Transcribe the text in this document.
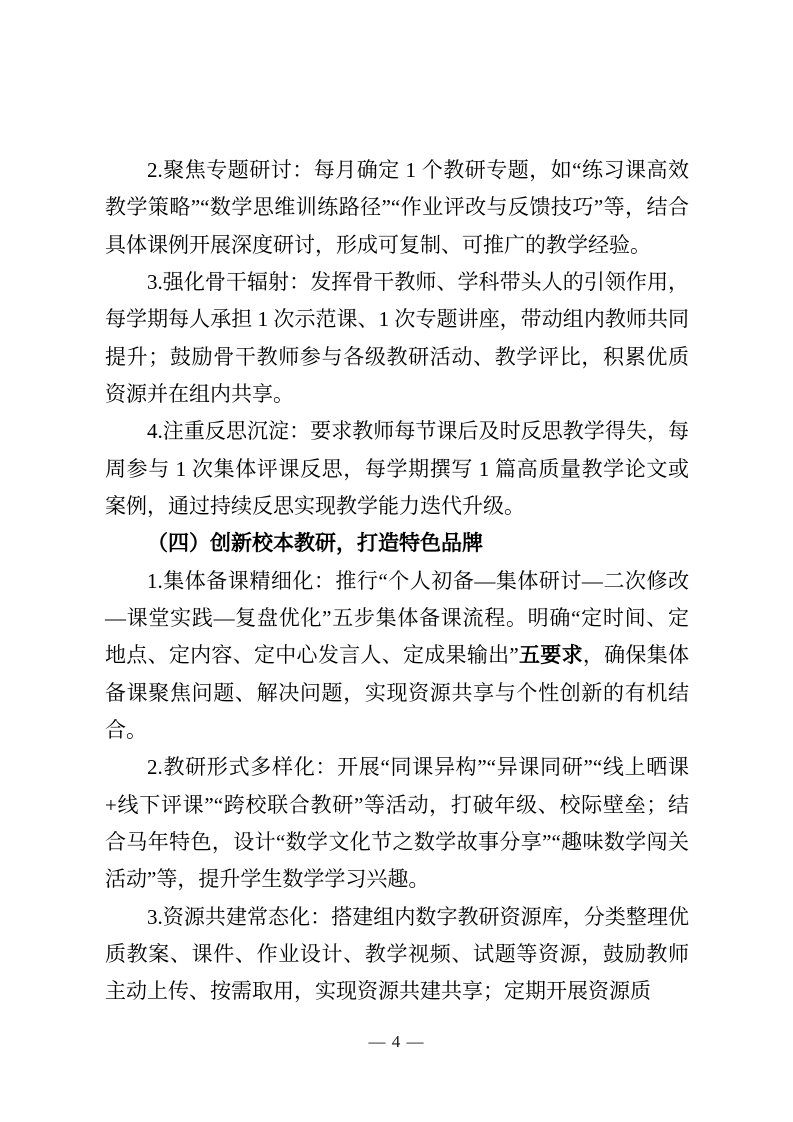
2.聚焦专题研讨：每月确定 1 个教研专题，如“练习课高效教学策略”“数学思维训练路径”“作业评改与反馈技巧”等，结合具体课例开展深度研讨，形成可复制、可推广的教学经验。

3.强化骨干辐射：发挥骨干教师、学科带头人的引领作用，每学期每人承担 1 次示范课、1 次专题讲座，带动组内教师共同提升；鼓励骨干教师参与各级教研活动、教学评比，积累优质资源并在组内共享。

4.注重反思沉淀：要求教师每节课后及时反思教学得失，每周参与 1 次集体评课反思，每学期撰写 1 篇高质量教学论文或案例，通过持续反思实现教学能力迭代升级。

（四）创新校本教研，打造特色品牌

1.集体备课精细化：推行“个人初备—集体研讨—二次修改—课堂实践—复盘优化”五步集体备课流程。明确“定时间、定地点、定内容、定中心发言人、定成果输出”五要求，确保集体备课聚焦问题、解决问题，实现资源共享与个性创新的有机结合。

2.教研形式多样化：开展“同课异构”“异课同研”“线上晒课+线下评课”“跨校联合教研”等活动，打破年级、校际壁垒；结合马年特色，设计“数学文化节之数学故事分享”“趣味数学闯关活动”等，提升学生数学学习兴趣。

3.资源共建常态化：搭建组内数字教研资源库，分类整理优质教案、课件、作业设计、教学视频、试题等资源，鼓励教师主动上传、按需取用，实现资源共建共享；定期开展资源质

— 4 —
